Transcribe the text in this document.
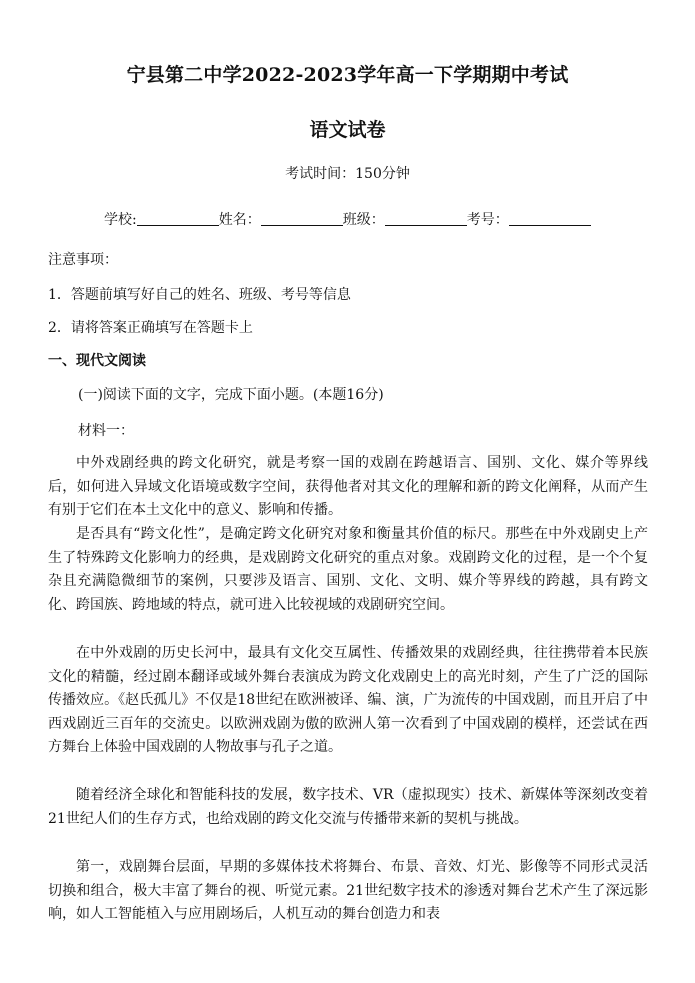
宁县第二中学2022-2023学年高一下学期期中考试
语文试卷
考试时间：150分钟
学校:	姓名：	班级：	考号：
注意事项：
1．答题前填写好自己的姓名、班级、考号等信息
2．请将答案正确填写在答题卡上
一、现代文阅读
(一)阅读下面的文字，完成下面小题。(本题16分)
材料一：

中外戏剧经典的跨文化研究，就是考察一国的戏剧在跨越语言、国别、文化、媒介等界线后，如何进入异域文化语境或数字空间，获得他者对其文化的理解和新的跨文化阐释，从而产生有别于它们在本土文化中的意义、影响和传播。

是否具有“跨文化性”，是确定跨文化研究对象和衡量其价值的标尺。那些在中外戏剧史上产生了特殊跨文化影响力的经典，是戏剧跨文化研究的重点对象。戏剧跨文化的过程，是一个个复杂且充满隐微细节的案例，只要涉及语言、国别、文化、文明、媒介等界线的跨越，具有跨文化、跨国族、跨地域的特点，就可进入比较视域的戏剧研究空间。

在中外戏剧的历史长河中，最具有文化交互属性、传播效果的戏剧经典，往往携带着本民族文化的精髓，经过剧本翻译或域外舞台表演成为跨文化戏剧史上的高光时刻，产生了广泛的国际传播效应。《赵氏孤儿》不仅是18世纪在欧洲被译、编、演，广为流传的中国戏剧，而且开启了中西戏剧近三百年的交流史。以欧洲戏剧为傲的欧洲人第一次看到了中国戏剧的模样，还尝试在西方舞台上体验中国戏剧的人物故事与孔子之道。

随着经济全球化和智能科技的发展，数字技术、VR（虚拟现实）技术、新媒体等深刻改变着21世纪人们的生存方式，也给戏剧的跨文化交流与传播带来新的契机与挑战。

第一，戏剧舞台层面，早期的多媒体技术将舞台、布景、音效、灯光、影像等不同形式灵活切换和组合，极大丰富了舞台的视、听觉元素。21世纪数字技术的渗透对舞台艺术产生了深远影响，如人工智能植入与应用剧场后，人机互动的舞台创造力和表
